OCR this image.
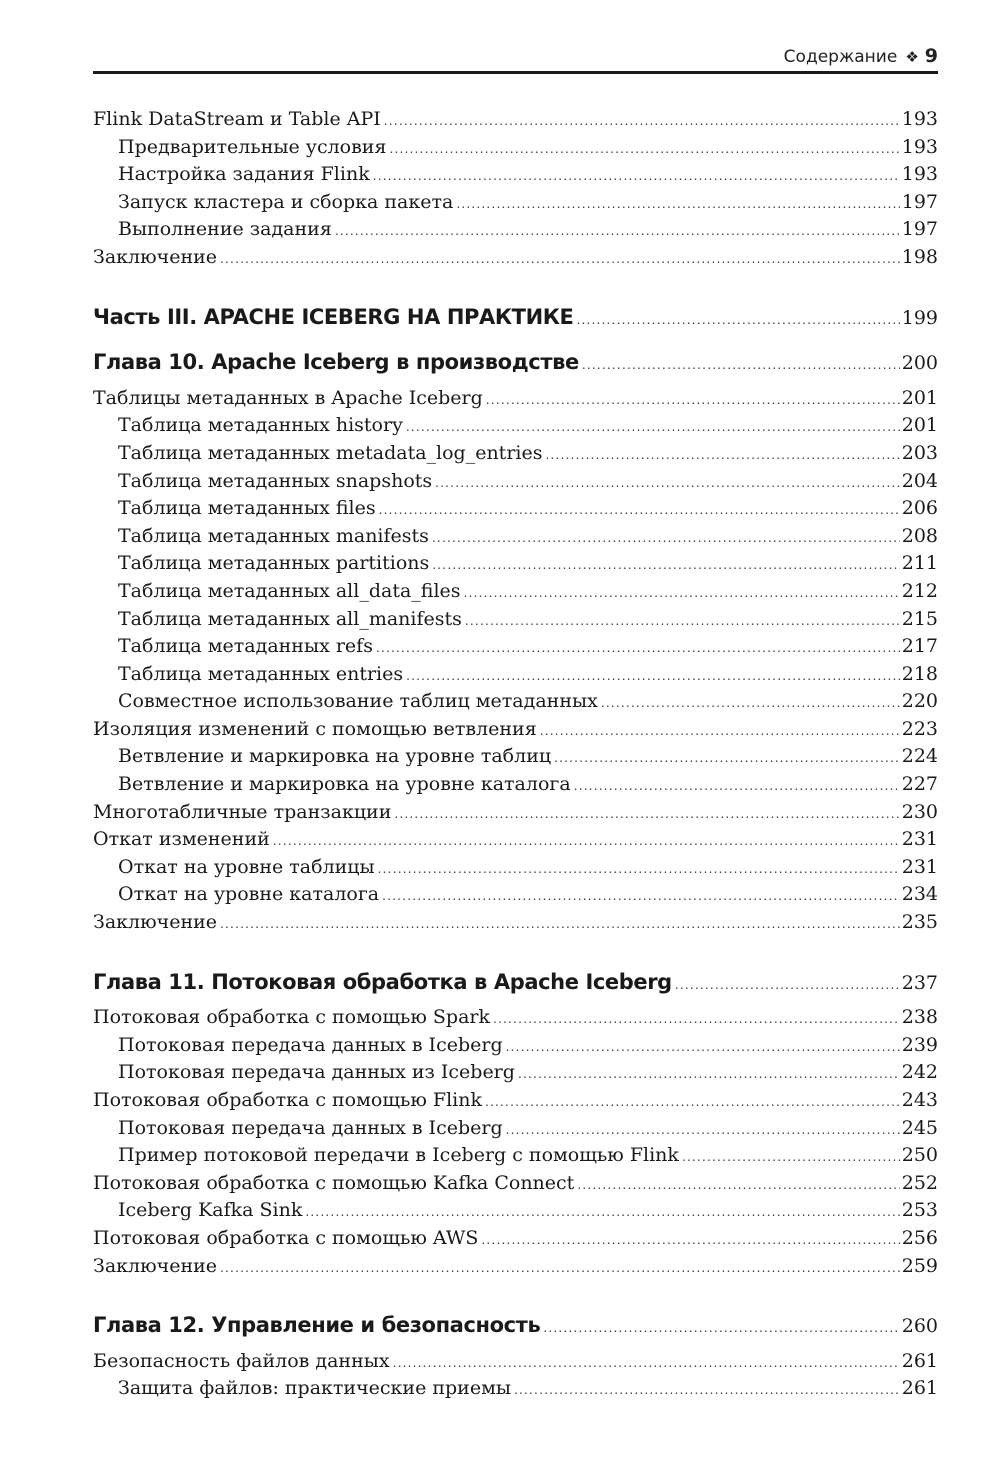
Содержание ❖ 9
Flink DataStream и Table API .....	193
Предварительные условия .....	193
Настройка задания Flink .....	193
Запуск кластера и сборка пакета .....	197
Выполнение задания .....	197
Заключение .....	198
Часть III. APACHE ICEBERG НА ПРАКТИКЕ .....	199
Глава 10. Apache Iceberg в производстве .....	200
Таблицы метаданных в Apache Iceberg .....	201
Таблица метаданных history .....	201
Таблица метаданных metadata_log_entries .....	203
Таблица метаданных snapshots .....	204
Таблица метаданных files .....	206
Таблица метаданных manifests .....	208
Таблица метаданных partitions .....	211
Таблица метаданных all_data_files .....	212
Таблица метаданных all_manifests .....	215
Таблица метаданных refs .....	217
Таблица метаданных entries .....	218
Совместное использование таблиц метаданных .....	220
Изоляция изменений с помощью ветвления .....	223
Ветвление и маркировка на уровне таблиц .....	224
Ветвление и маркировка на уровне каталога .....	227
Многотабличные транзакции .....	230
Откат изменений .....	231
Откат на уровне таблицы .....	231
Откат на уровне каталога .....	234
Заключение .....	235
Глава 11. Потоковая обработка в Apache Iceberg .....	237
Потоковая обработка с помощью Spark .....	238
Потоковая передача данных в Iceberg .....	239
Потоковая передача данных из Iceberg .....	242
Потоковая обработка с помощью Flink .....	243
Потоковая передача данных в Iceberg .....	245
Пример потоковой передачи в Iceberg с помощью Flink .....	250
Потоковая обработка с помощью Kafka Connect .....	252
Iceberg Kafka Sink .....	253
Потоковая обработка с помощью AWS .....	256
Заключение .....	259
Глава 12. Управление и безопасность .....	260
Безопасность файлов данных .....	261
Защита файлов: практические приемы .....	261
